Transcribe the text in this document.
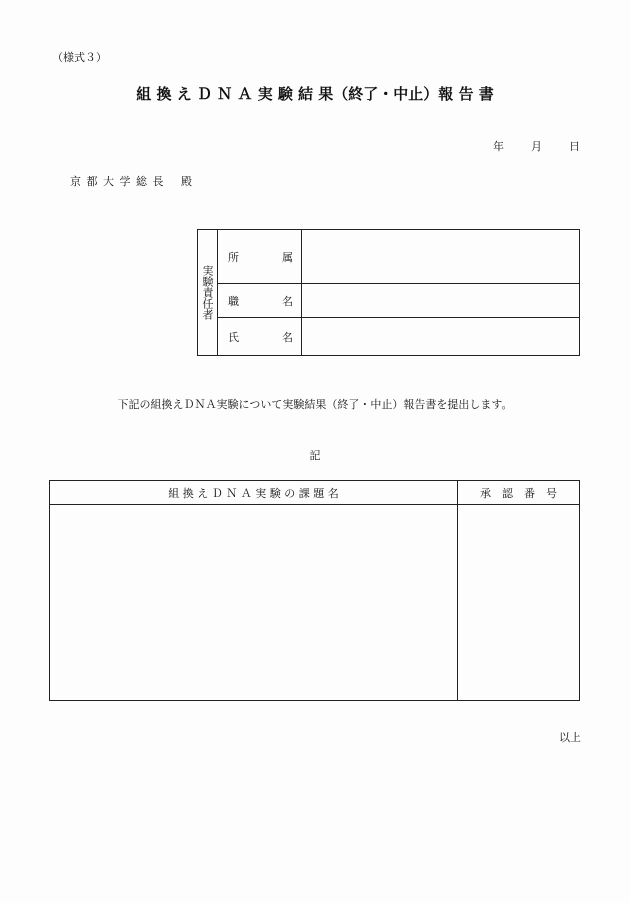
（様式３）
組 換 え Ｄ Ｎ Ａ 実 験 結 果（終了・中止）報 告 書
年 月 日
京 都 大 学 総 長　 殿
実験責任者
所	属
職	名
氏	名
下記の組換えＤＮＡ実験について実験結果（終了・中止）報告書を提出します。
記
組 換 え Ｄ Ｎ Ａ 実 験 の 課 題 名	承　認　番　号
以上
